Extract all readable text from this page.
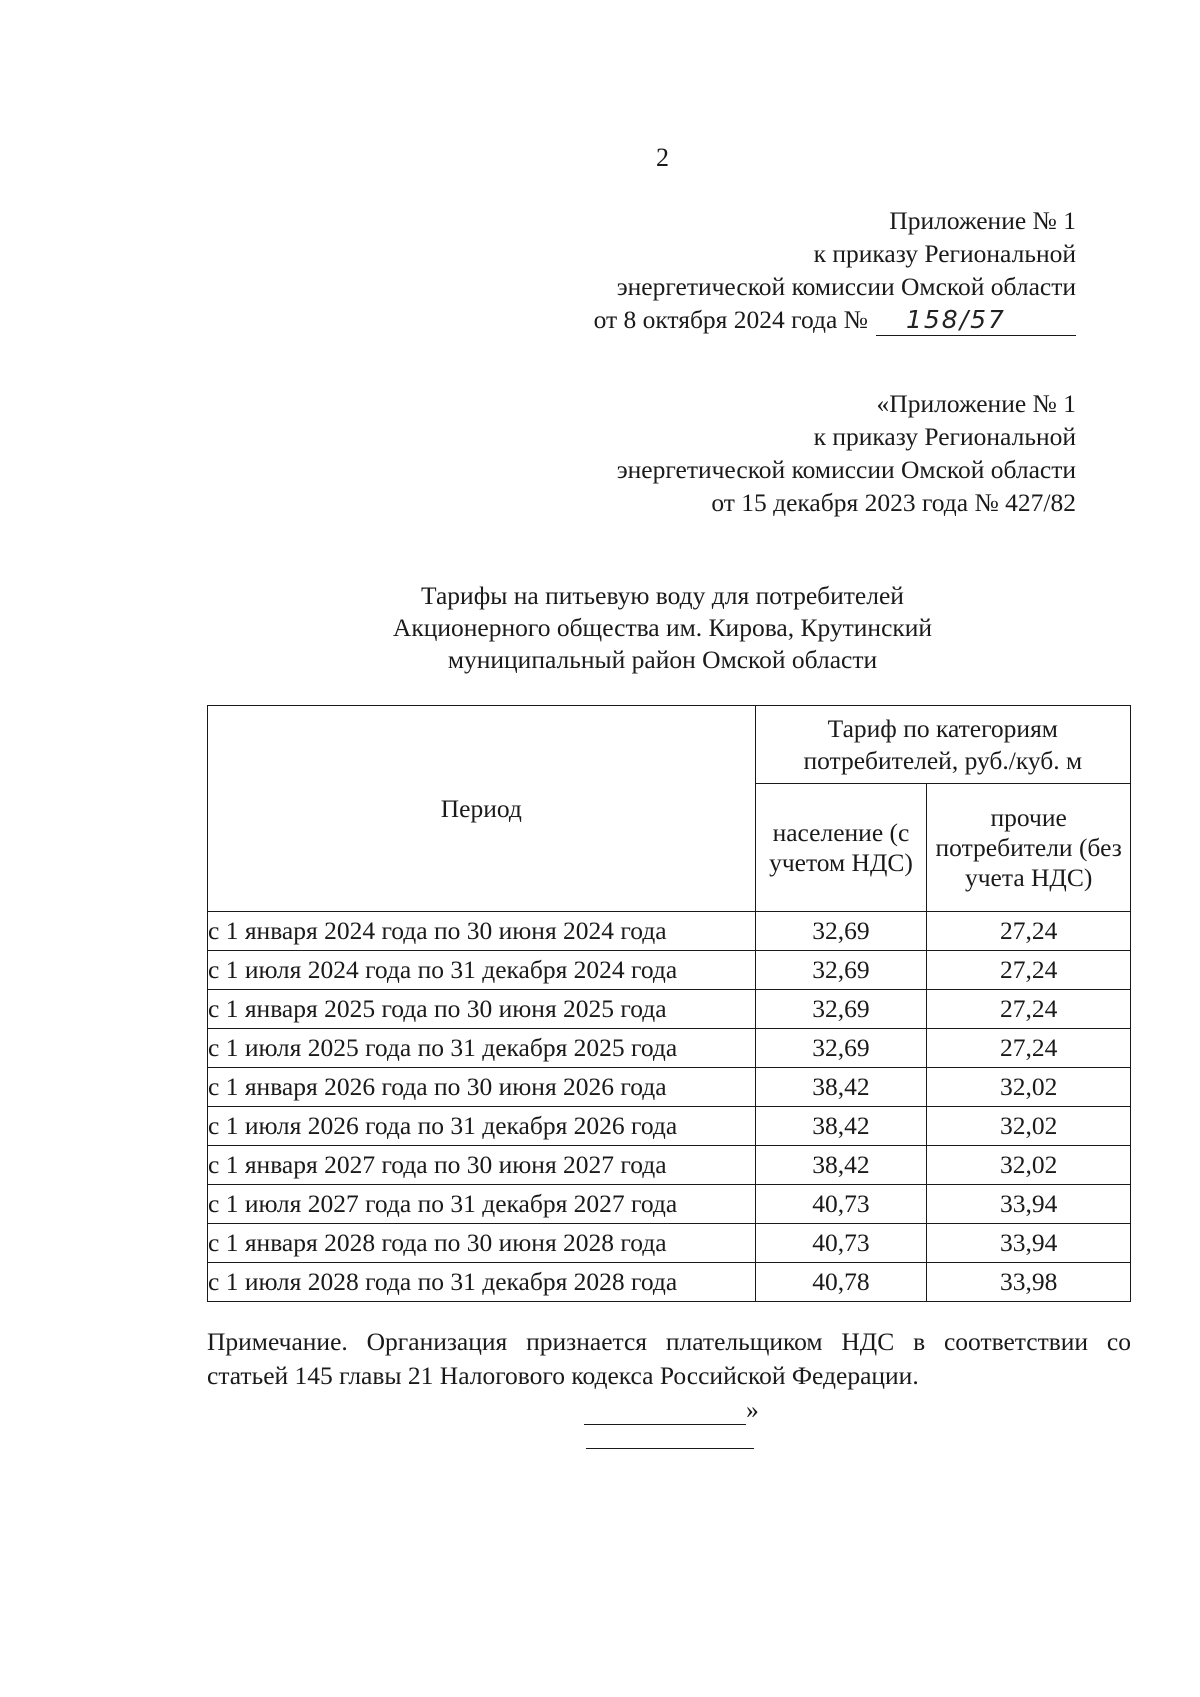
2
Приложение № 1
к приказу Региональной
энергетической комиссии Омской области
от 8 октября 2024 года №	158/57
«Приложение № 1
к приказу Региональной
энергетической комиссии Омской области
от 15 декабря 2023 года № 427/82
Тарифы на питьевую воду для потребителей
Акционерного общества им. Кирова, Крутинский
муниципальный район Омской области
Период	Тариф по категориям потребителей, руб./куб. м	
	население (с учетом НДС)	прочие потребители (без учета НДС)
с 1 января 2024 года по 30 июня 2024 года	32,69	27,24
с 1 июля 2024 года по 31 декабря 2024 года	32,69	27,24
с 1 января 2025 года по 30 июня 2025 года	32,69	27,24
с 1 июля 2025 года по 31 декабря 2025 года	32,69	27,24
с 1 января 2026 года по 30 июня 2026 года	38,42	32,02
с 1 июля 2026 года по 31 декабря 2026 года	38,42	32,02
с 1 января 2027 года по 30 июня 2027 года	38,42	32,02
с 1 июля 2027 года по 31 декабря 2027 года	40,73	33,94
с 1 января 2028 года по 30 июня 2028 года	40,73	33,94
с 1 июля 2028 года по 31 декабря 2028 года	40,78	33,98
Примечание. Организация признается плательщиком НДС в соответствии со статьей 145 главы 21 Налогового кодекса Российской Федерации.
»
